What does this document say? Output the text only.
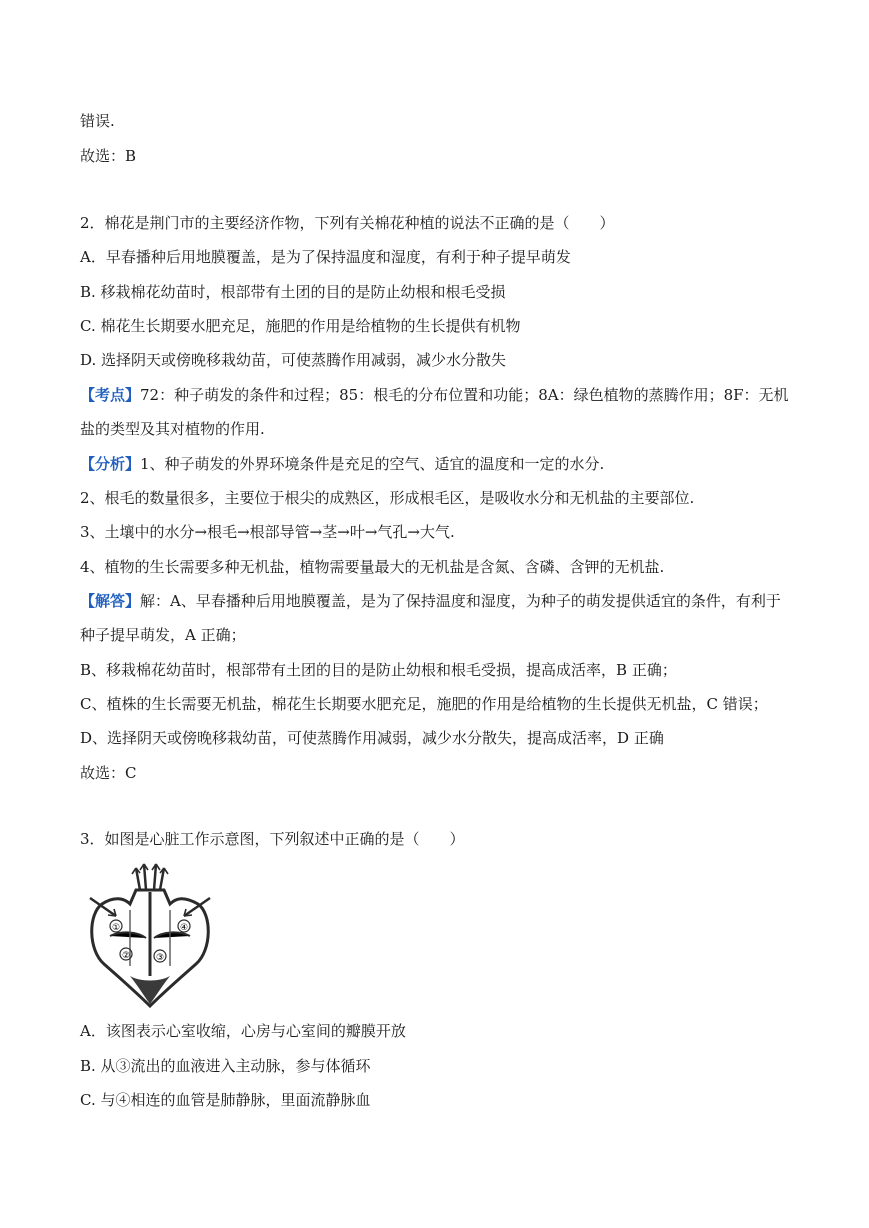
错误.
故选：B
2．棉花是荆门市的主要经济作物，下列有关棉花种植的说法不正确的是（　　）
A．早春播种后用地膜覆盖，是为了保持温度和湿度，有利于种子提早萌发
B. 移栽棉花幼苗时，根部带有土团的目的是防止幼根和根毛受损
C. 棉花生长期要水肥充足，施肥的作用是给植物的生长提供有机物
D. 选择阴天或傍晚移栽幼苗，可使蒸腾作用减弱，减少水分散失
【考点】72：种子萌发的条件和过程；85：根毛的分布位置和功能；8A：绿色植物的蒸腾作用；8F：无机
盐的类型及其对植物的作用.
【分析】1、种子萌发的外界环境条件是充足的空气、适宜的温度和一定的水分.
2、根毛的数量很多，主要位于根尖的成熟区，形成根毛区，是吸收水分和无机盐的主要部位.
3、土壤中的水分→根毛→根部导管→茎→叶→气孔→大气.
4、植物的生长需要多种无机盐，植物需要量最大的无机盐是含氮、含磷、含钾的无机盐.
【解答】解：A、早春播种后用地膜覆盖，是为了保持温度和湿度，为种子的萌发提供适宜的条件，有利于
种子提早萌发，A 正确；
B、移栽棉花幼苗时，根部带有土团的目的是防止幼根和根毛受损，提高成活率，B 正确；
C、植株的生长需要无机盐，棉花生长期要水肥充足，施肥的作用是给植物的生长提供无机盐，C 错误；
D、选择阴天或傍晚移栽幼苗，可使蒸腾作用减弱，减少水分散失，提高成活率，D 正确
故选：C
3．如图是心脏工作示意图，下列叙述中正确的是（　　）
①
②	③
④
A．该图表示心室收缩，心房与心室间的瓣膜开放
B. 从③流出的血液进入主动脉，参与体循环
C. 与④相连的血管是肺静脉，里面流静脉血
